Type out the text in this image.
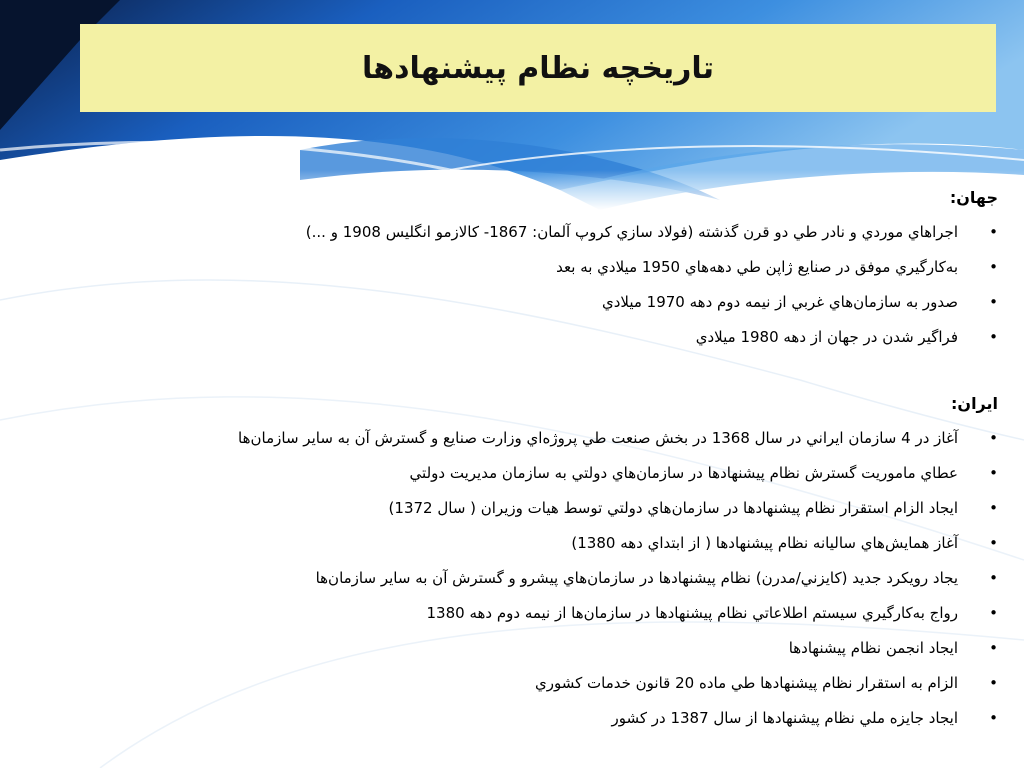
تاريخچه نظام پيشنهادها
جهان:
•
اجراهاي موردي و نادر طي دو قرن گذشته (فولاد سازي کروپ آلمان: 1867- کالازمو انگليس 1908 و ...)
•
به‌کارگيري موفق در صنايع ژاپن طي دهه‌هاي 1950 ميلادي به بعد
•
صدور به سازمان‌هاي غربي از نيمه دوم دهه 1970 ميلادي
•
فراگير شدن در جهان از دهه 1980 ميلادي
ايران:
•
آغاز در 4 سازمان ايراني در سال 1368 در بخش صنعت طي پروژه‌اي وزارت صنايع و گسترش آن به ساير سازمان‌ها
•
عطاي ماموريت گسترش نظام پيشنهادها در سازمان‌هاي دولتي به سازمان مديريت دولتي
•
ايجاد الزام استقرار نظام پيشنهادها در سازمان‌هاي دولتي توسط هيات وزيران ( سال 1372)
•
آغاز همايش‌هاي ساليانه نظام پيشنهادها ( از ابتداي دهه 1380)
•
يجاد رويکرد جديد (کايزني/مدرن) نظام پيشنهادها در سازمان‌هاي پيشرو و گسترش آن به ساير سازمان‌ها
•
رواج به‌کارگيري سيستم اطلاعاتي نظام پيشنهادها در سازمان‌ها از نيمه دوم دهه 1380
•
ايجاد انجمن نظام پيشنهادها
•
الزام به استقرار نظام پيشنهادها طي ماده 20 قانون خدمات کشوري
•
ايجاد جايزه ملي نظام پيشنهادها از سال 1387 در کشور
